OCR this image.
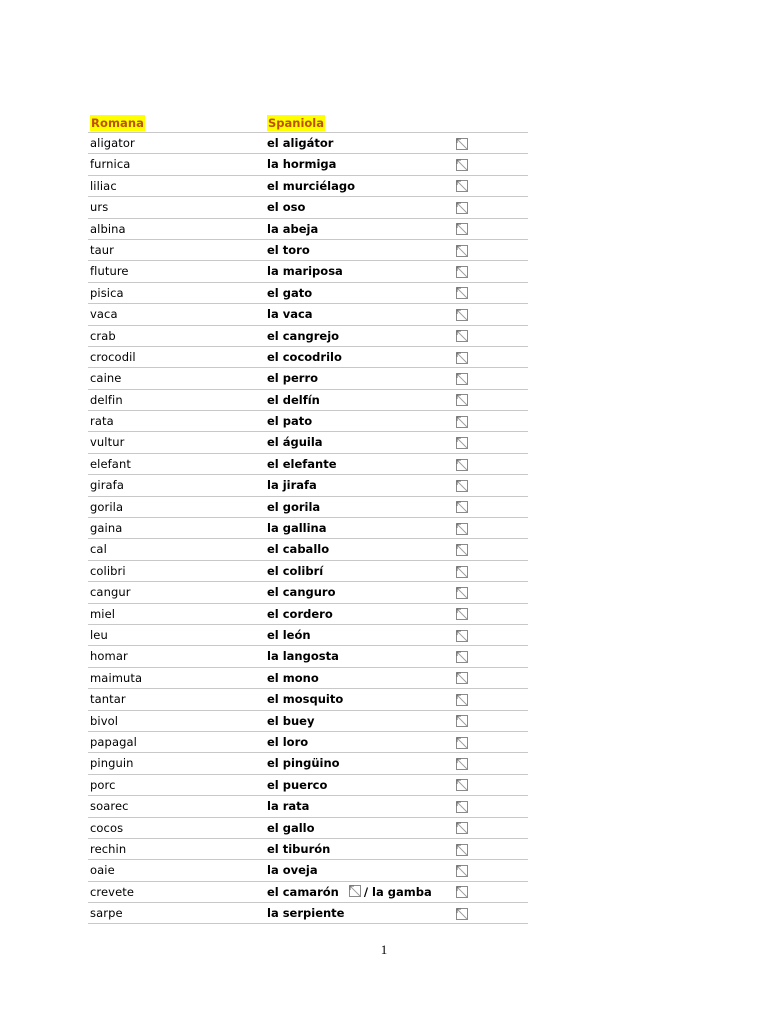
Romana	Spaniola
aligator	el aligátor
furnica	la hormiga
liliac	el murciélago
urs	el oso
albina	la abeja
taur	el toro
fluture	la mariposa
pisica	el gato
vaca	la vaca
crab	el cangrejo
crocodil	el cocodrilo
caine	el perro
delfin	el delfín
rata	el pato
vultur	el águila
elefant	el elefante
girafa	la jirafa
gorila	el gorila
gaina	la gallina
cal	el caballo
colibri	el colibrí
cangur	el canguro
miel	el cordero
leu	el león
homar	la langosta
maimuta	el mono
tantar	el mosquito
bivol	el buey
papagal	el loro
pinguin	el pingüino
porc	el puerco
soarec	la rata
cocos	el gallo
rechin	el tiburón
oaie	la oveja
crevete	el camarón / la gamba
sarpe	la serpiente
1
